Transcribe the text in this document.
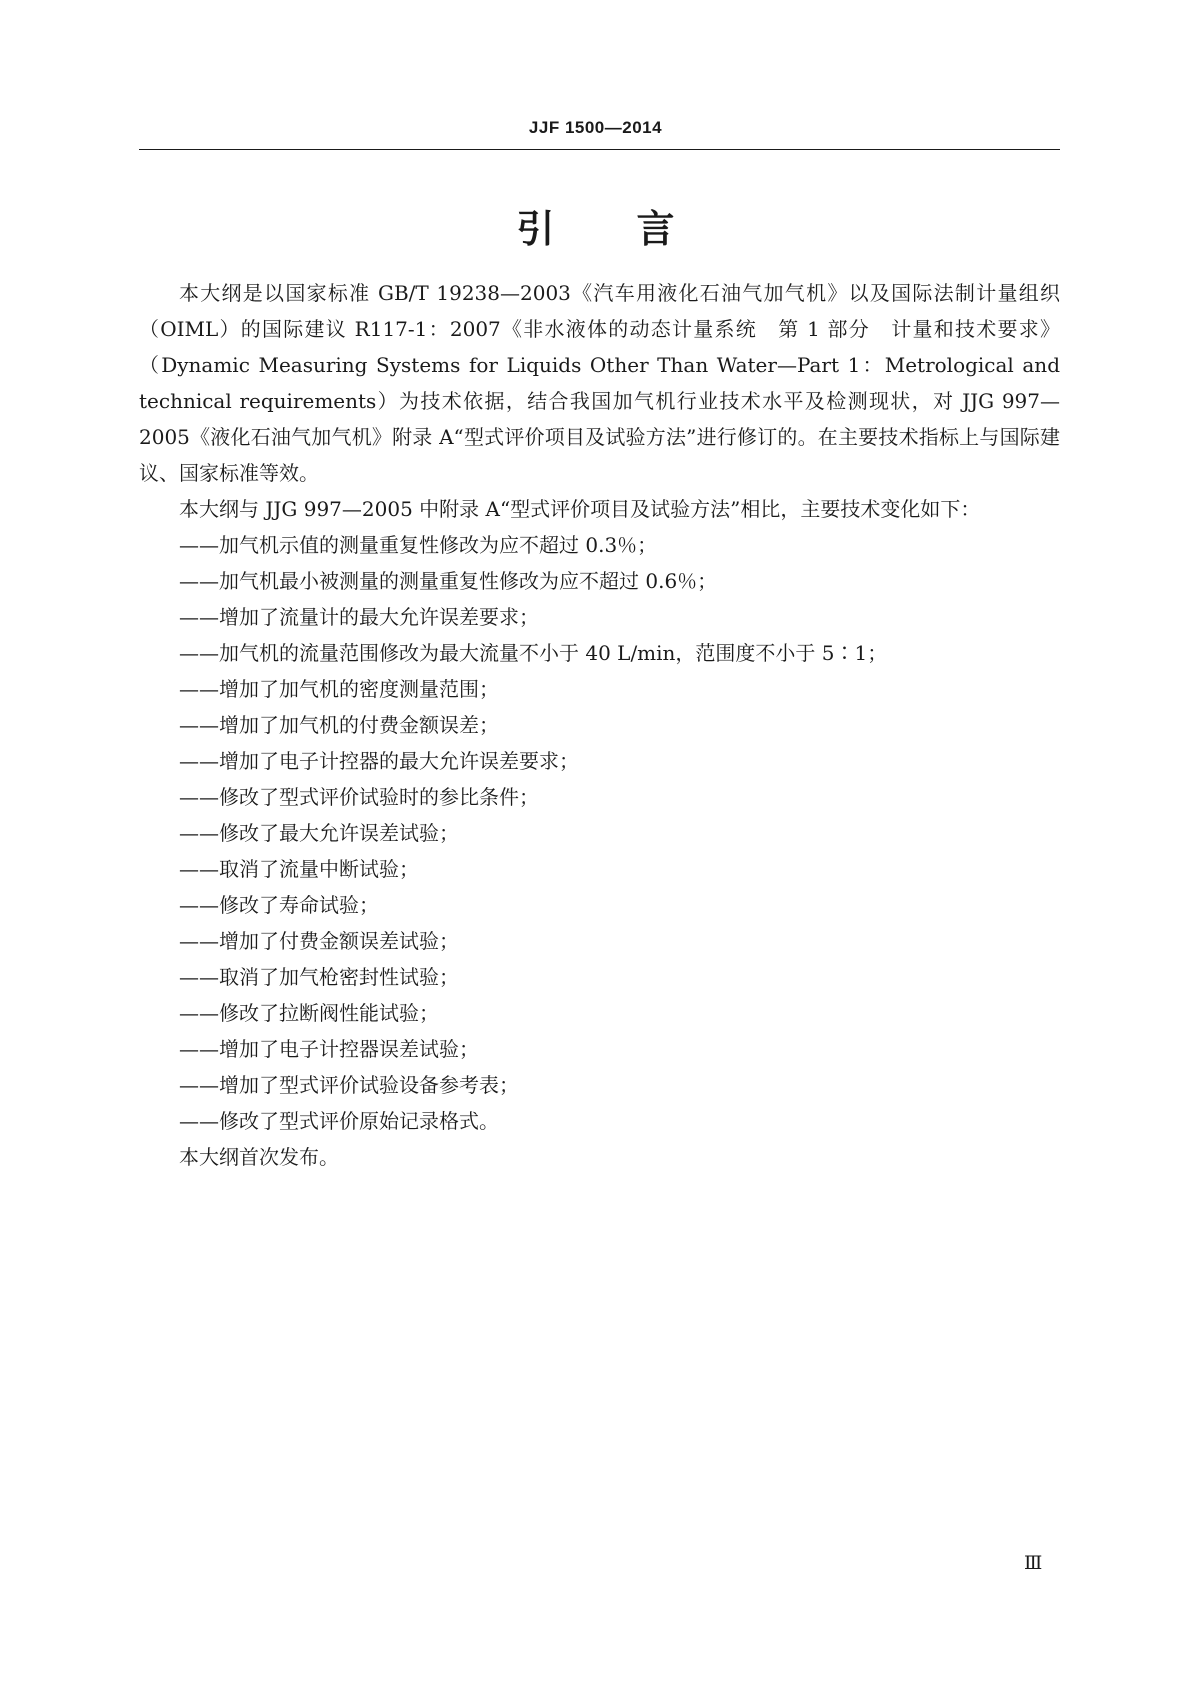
JJF 1500—2014
引 言

本大纲是以国家标准 GB/T 19238—2003《汽车用液化石油气加气机》以及国际法制计量组织（OIML）的国际建议 R117-1：2007《非水液体的动态计量系统　第 1 部分　计量和技术要求》（Dynamic Measuring Systems for Liquids Other Than Water—Part 1：Metrological and technical requirements）为技术依据，结合我国加气机行业技术水平及检测现状，对 JJG 997—2005《液化石油气加气机》附录 A“型式评价项目及试验方法”进行修订的。在主要技术指标上与国际建议、国家标准等效。

本大纲与 JJG 997—2005 中附录 A“型式评价项目及试验方法”相比，主要技术变化如下：

——加气机示值的测量重复性修改为应不超过 0.3％；
——加气机最小被测量的测量重复性修改为应不超过 0.6％；
——增加了流量计的最大允许误差要求；
——加气机的流量范围修改为最大流量不小于 40 L/min，范围度不小于 5∶1；
——增加了加气机的密度测量范围；
——增加了加气机的付费金额误差；
——增加了电子计控器的最大允许误差要求；
——修改了型式评价试验时的参比条件；
——修改了最大允许误差试验；
——取消了流量中断试验；
——修改了寿命试验；
——增加了付费金额误差试验；
——取消了加气枪密封性试验；
——修改了拉断阀性能试验；
——增加了电子计控器误差试验；
——增加了型式评价试验设备参考表；
——修改了型式评价原始记录格式。

本大纲首次发布。

Ⅲ
